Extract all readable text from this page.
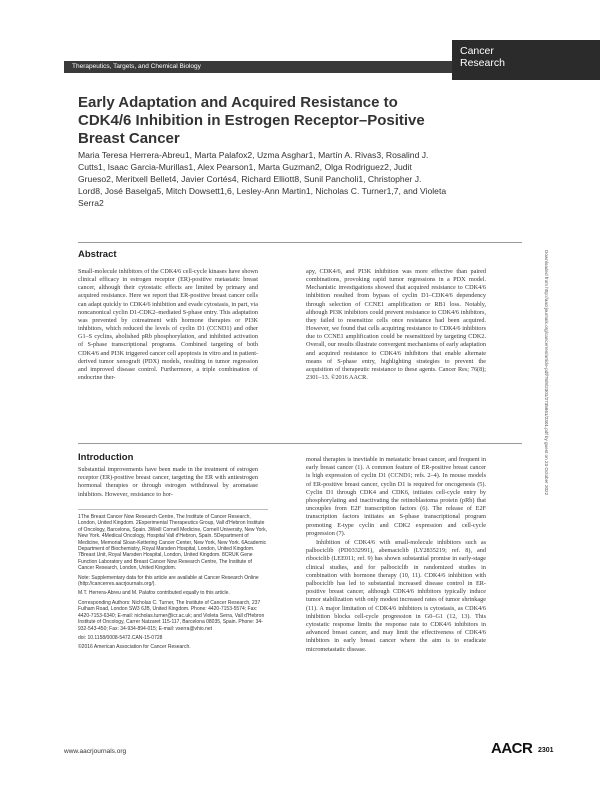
Cancer
Research
Therapeutics, Targets, and Chemical Biology
Early Adaptation and Acquired Resistance to CDK4/6 Inhibition in Estrogen Receptor–Positive Breast Cancer
Maria Teresa Herrera-Abreu1, Marta Palafox2, Uzma Asghar1, Martín A. Rivas3, Rosalind J. Cutts1, Isaac Garcia-Murillas1, Alex Pearson1, Marta Guzman2, Olga Rodriguez2, Judit Grueso2, Meritxell Bellet4, Javier Cortés4, Richard Elliott8, Sunil Pancholi1, Christopher J. Lord8, José Baselga5, Mitch Dowsett1,6, Lesley-Ann Martin1, Nicholas C. Turner1,7, and Violeta Serra2
Abstract
Small-molecule inhibitors of the CDK4/6 cell-cycle kinases have shown clinical efficacy in estrogen receptor (ER)-positive metastatic breast cancer, although their cytostatic effects are limited by primary and acquired resistance. Here we report that ER-positive breast cancer cells can adapt quickly to CDK4/6 inhibition and evade cytostasis, in part, via noncanonical cyclin D1-CDK2–mediated S-phase entry. This adaptation was prevented by cotreatment with hormone therapies or PI3K inhibitors, which reduced the levels of cyclin D1 (CCND1) and other G1–S cyclins, abolished pRb phosphorylation, and inhibited activation of S-phase transcriptional programs. Combined targeting of both CDK4/6 and PI3K triggered cancer cell apoptosis in vitro and in patient-derived tumor xenograft (PDX) models, resulting in tumor regression and improved disease control. Furthermore, a triple combination of endocrine ther-
apy, CDK4/6, and PI3K inhibition was more effective than paired combinations, provoking rapid tumor regressions in a PDX model. Mechanistic investigations showed that acquired resistance to CDK4/6 inhibition resulted from bypass of cyclin D1–CDK4/6 dependency through selection of CCNE1 amplification or RB1 loss. Notably, although PI3K inhibitors could prevent resistance to CDK4/6 inhibitors, they failed to resensitize cells once resistance had been acquired. However, we found that cells acquiring resistance to CDK4/6 inhibitors due to CCNE1 amplification could be resensitized by targeting CDK2. Overall, our results illustrate convergent mechanisms of early adaptation and acquired resistance to CDK4/6 inhibitors that enable alternate means of S-phase entry, highlighting strategies to prevent the acquisition of therapeutic resistance to these agents. Cancer Res; 76(8); 2301–13. ©2016 AACR.
Introduction
Substantial improvements have been made in the treatment of estrogen receptor (ER)-positive breast cancer, targeting the ER with antiestrogen hormonal therapies or through estrogen withdrawal by aromatase inhibitors. However, resistance to hor-

1The Breast Cancer Now Research Centre, The Institute of Cancer Research, London, United Kingdom. 2Experimental Therapeutics Group, Vall d'Hebron Institute of Oncology, Barcelona, Spain. 3Weill Cornell Medicine, Cornell University, New York, New York. 4Medical Oncology, Hospital Vall d'Hebron, Spain. 5Department of Medicine, Memorial Sloan-Kettering Cancer Center, New York, New York. 6Academic Department of Biochemistry, Royal Marsden Hospital, London, United Kingdom. 7Breast Unit, Royal Marsden Hospital, London, United Kingdom. 8CRUK Gene Function Laboratory and Breast Cancer Now Research Centre, The Institute of Cancer Research, London, United Kingdom.

Note: Supplementary data for this article are available at Cancer Research Online (http://cancerres.aacrjournals.org/).

M.T. Herrera-Abreu and M. Palafox contributed equally to this article.

Corresponding Authors: Nicholas C. Turner, The Institute of Cancer Research, 237 Fulham Road, London SW3 6JB, United Kingdom. Phone: 4420-7153-5574; Fax: 4420-7153-6340; E-mail: nicholas.turner@icr.ac.uk; and Violeta Serra, Vall d'Hebron Institute of Oncology, Carrer Natzaret 115-117, Barcelona 08035, Spain. Phone: 34-932-543-450; Fax: 34-934-894-015; E-mail: vserra@vhio.net

doi: 10.1158/0008-5472.CAN-15-0728

©2016 American Association for Cancer Research.

monal therapies is inevitable in metastatic breast cancer, and frequent in early breast cancer (1). A common feature of ER-positive breast cancer is high expression of cyclin D1 (CCND1; refs. 2–4). In mouse models of ER-positive breast cancer, cyclin D1 is required for oncogenesis (5). Cyclin D1 through CDK4 and CDK6, initiates cell-cycle entry by phosphorylating and inactivating the retinoblastoma protein (pRb) that uncouples from E2F transcription factors (6). The release of E2F transcription factors initiates an S-phase transcriptional program promoting E-type cyclin and CDK2 expression and cell-cycle progression (7).
Inhibition of CDK4/6 with small-molecule inhibitors such as palbociclib (PD0332991), abemaciclib (LY2835219; ref. 8), and ribociclib (LEE011; ref. 9) has shown substantial promise in early-stage clinical studies, and for palbociclib in randomized studies in combination with hormone therapy (10, 11). CDK4/6 inhibition with palbociclib has led to substantial increased disease control in ER-positive breast cancer, although CDK4/6 inhibitors typically induce tumor stabilization with only modest increased rates of tumor shrinkage (11). A major limitation of CDK4/6 inhibitors is cytostasis, as CDK4/6 inhibition blocks cell-cycle progression in G0–G1 (12, 13). This cytostatic response limits the response rate to CDK4/6 inhibitors in advanced breast cancer, and may limit the effectiveness of CDK4/6 inhibitors in early breast cancer where the aim is to eradicate micrometastatic disease.
Downloaded from http://aacrjournals.org/cancerres/article-pdf/76/8/2301/2735661/2301.pdf by guest on 23 October 2022
www.aacrjournals.org	AACR 2301
